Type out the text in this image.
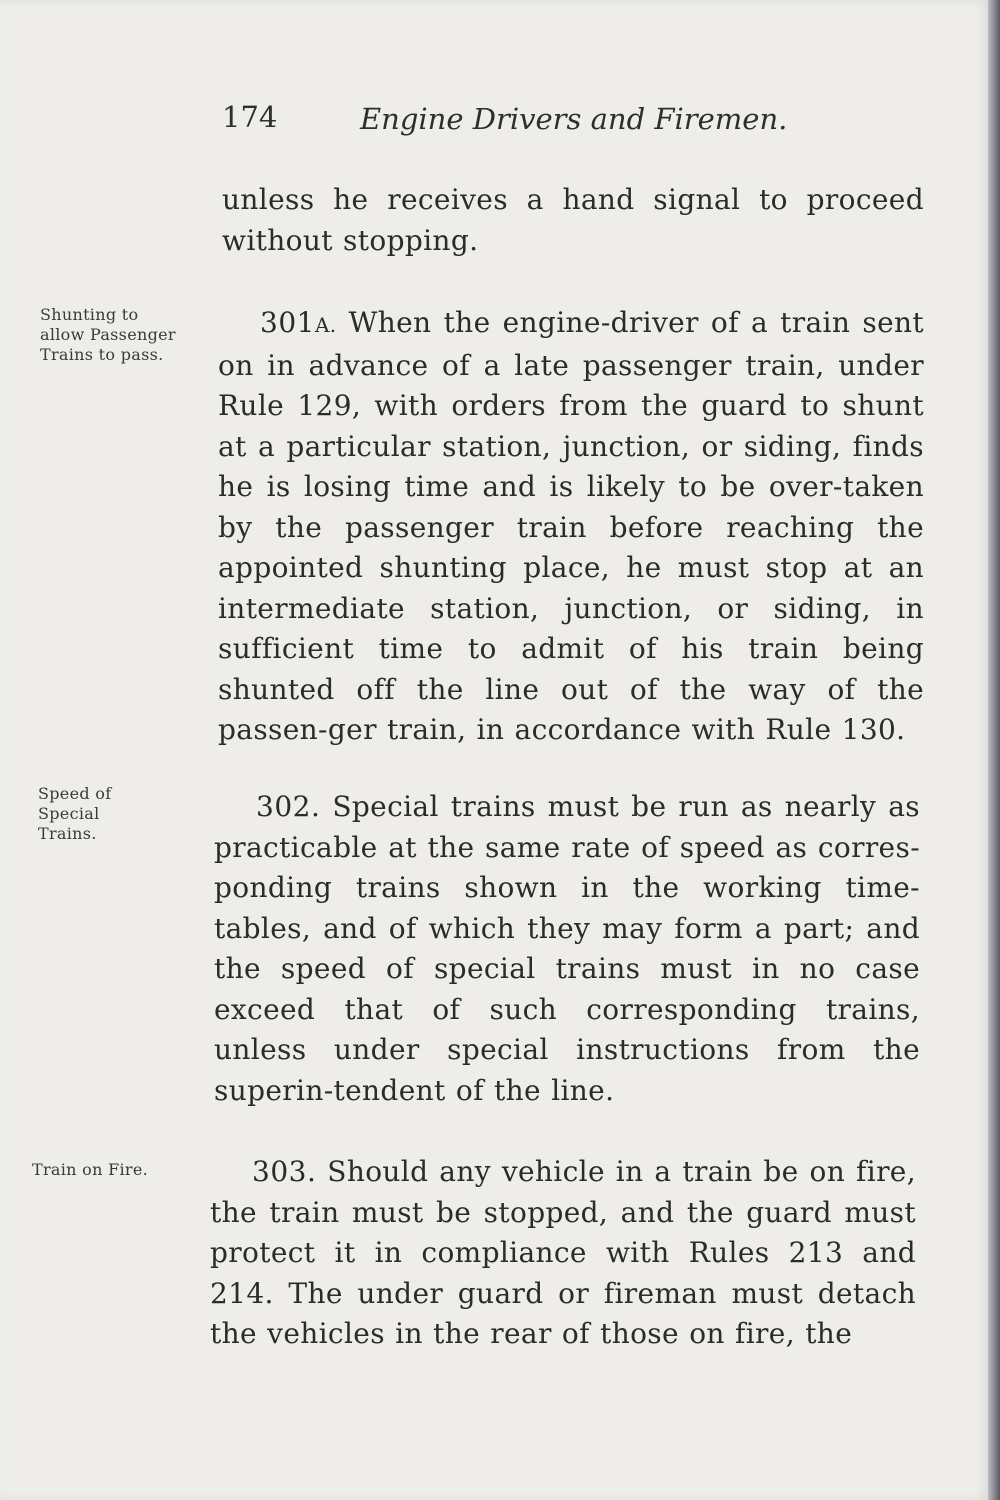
174	Engine Drivers and Firemen.
unless he receives a hand signal to proceed without stopping.
Shunting to
allow Passenger
Trains to pass.
301A. When the engine-driver of a train sent on in advance of a late passenger train, under Rule 129, with orders from the guard to shunt at a particular station, junction, or siding, finds he is losing time and is likely to be over-taken by the passenger train before reaching the appointed shunting place, he must stop at an intermediate station, junction, or siding, in sufficient time to admit of his train being shunted off the line out of the way of the passen-ger train, in accordance with Rule 130.
Speed of
Special
Trains.
302. Special trains must be run as nearly as practicable at the same rate of speed as corres-ponding trains shown in the working time-tables, and of which they may form a part; and the speed of special trains must in no case exceed that of such corresponding trains, unless under special instructions from the superin-tendent of the line.
Train on Fire.	303. Should any vehicle in a train be on fire, the train must be stopped, and the guard must protect it in compliance with Rules 213 and 214. The under guard or fireman must detach the vehicles in the rear of those on fire, the
